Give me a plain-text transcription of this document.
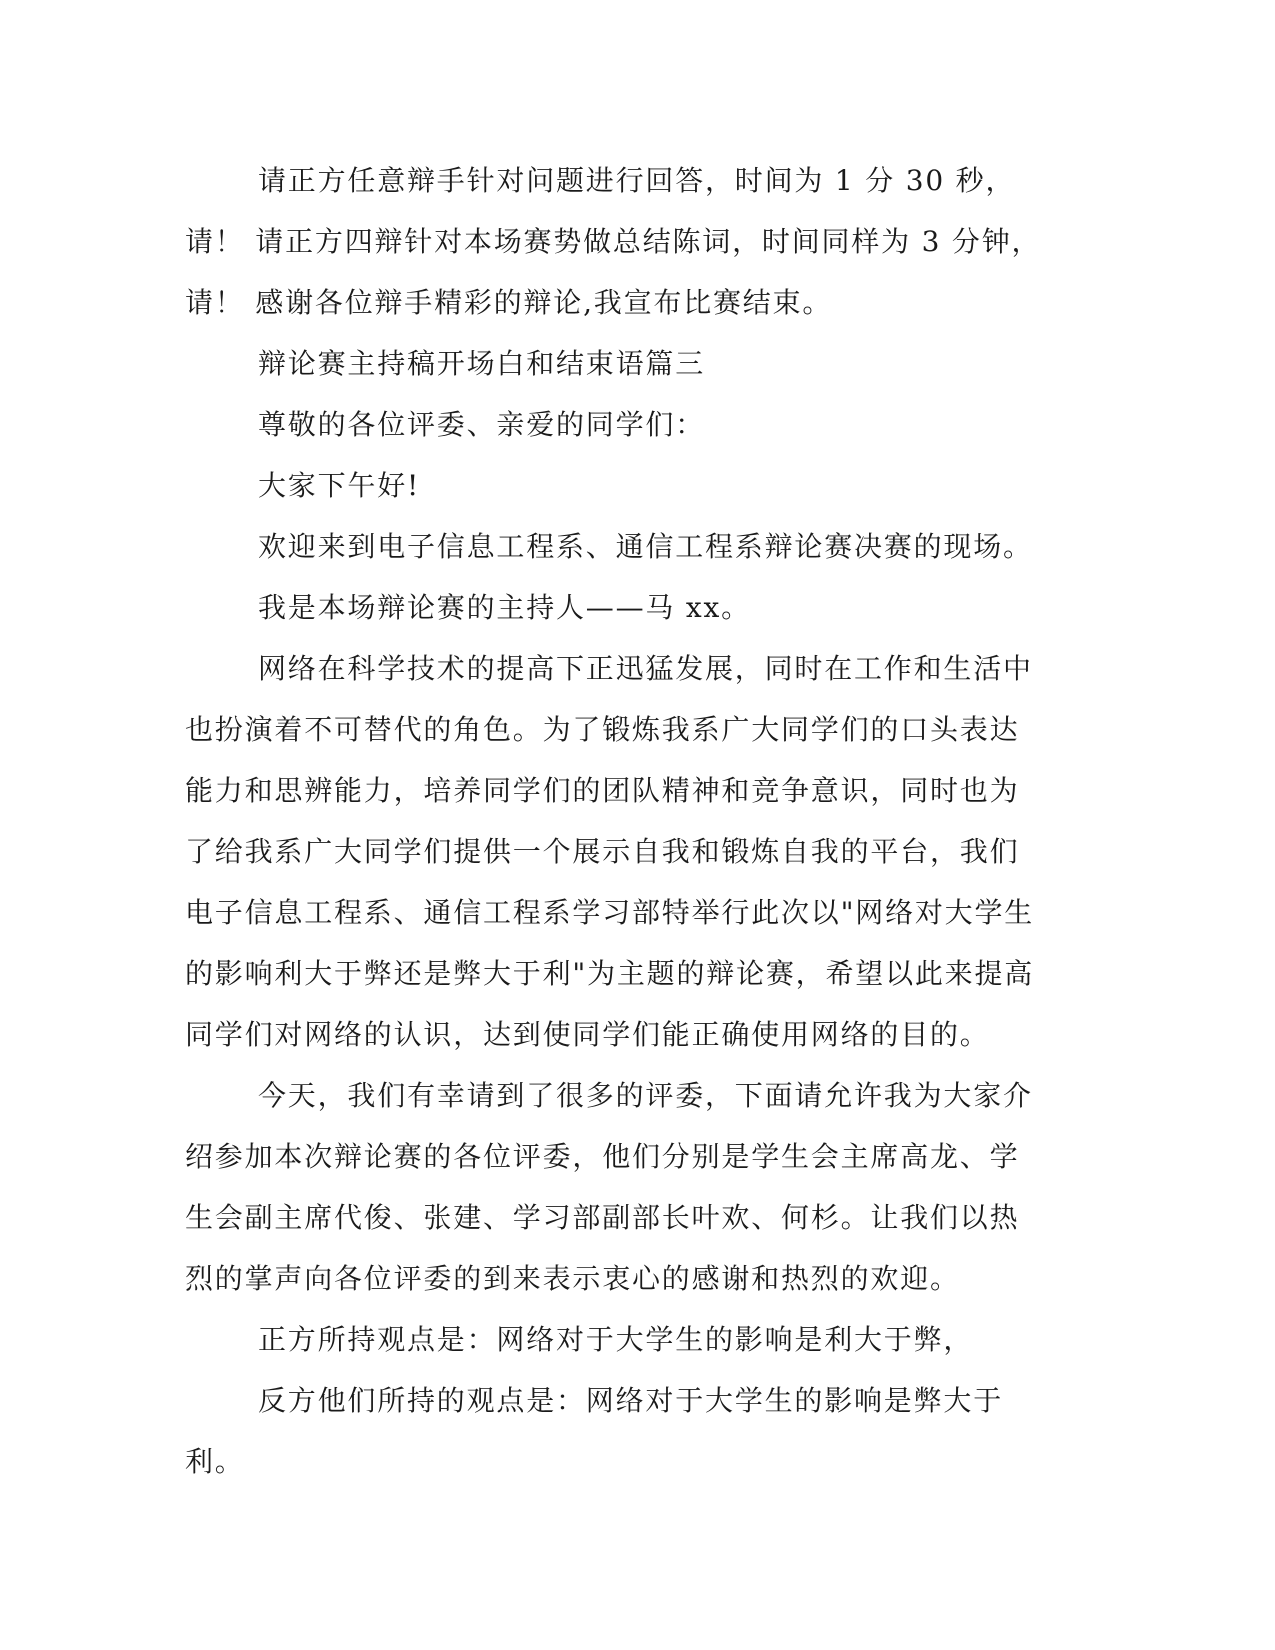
请正方任意辩手针对问题进行回答，时间为 1 分 30 秒，请！ 请正方四辩针对本场赛势做总结陈词，时间同样为 3 分钟，请！ 感谢各位辩手精彩的辩论,我宣布比赛结束。

辩论赛主持稿开场白和结束语篇三

尊敬的各位评委、亲爱的同学们：

大家下午好!

欢迎来到电子信息工程系、通信工程系辩论赛决赛的现场。

我是本场辩论赛的主持人——马 xx。

网络在科学技术的提高下正迅猛发展，同时在工作和生活中也扮演着不可替代的角色。为了锻炼我系广大同学们的口头表达能力和思辨能力，培养同学们的团队精神和竞争意识，同时也为了给我系广大同学们提供一个展示自我和锻炼自我的平台，我们电子信息工程系、通信工程系学习部特举行此次以"网络对大学生的影响利大于弊还是弊大于利"为主题的辩论赛，希望以此来提高同学们对网络的认识，达到使同学们能正确使用网络的目的。

今天，我们有幸请到了很多的评委，下面请允许我为大家介绍参加本次辩论赛的各位评委，他们分别是学生会主席高龙、学生会副主席代俊、张建、学习部副部长叶欢、何杉。让我们以热烈的掌声向各位评委的到来表示衷心的感谢和热烈的欢迎。

正方所持观点是：网络对于大学生的影响是利大于弊，

反方他们所持的观点是：网络对于大学生的影响是弊大于利。
